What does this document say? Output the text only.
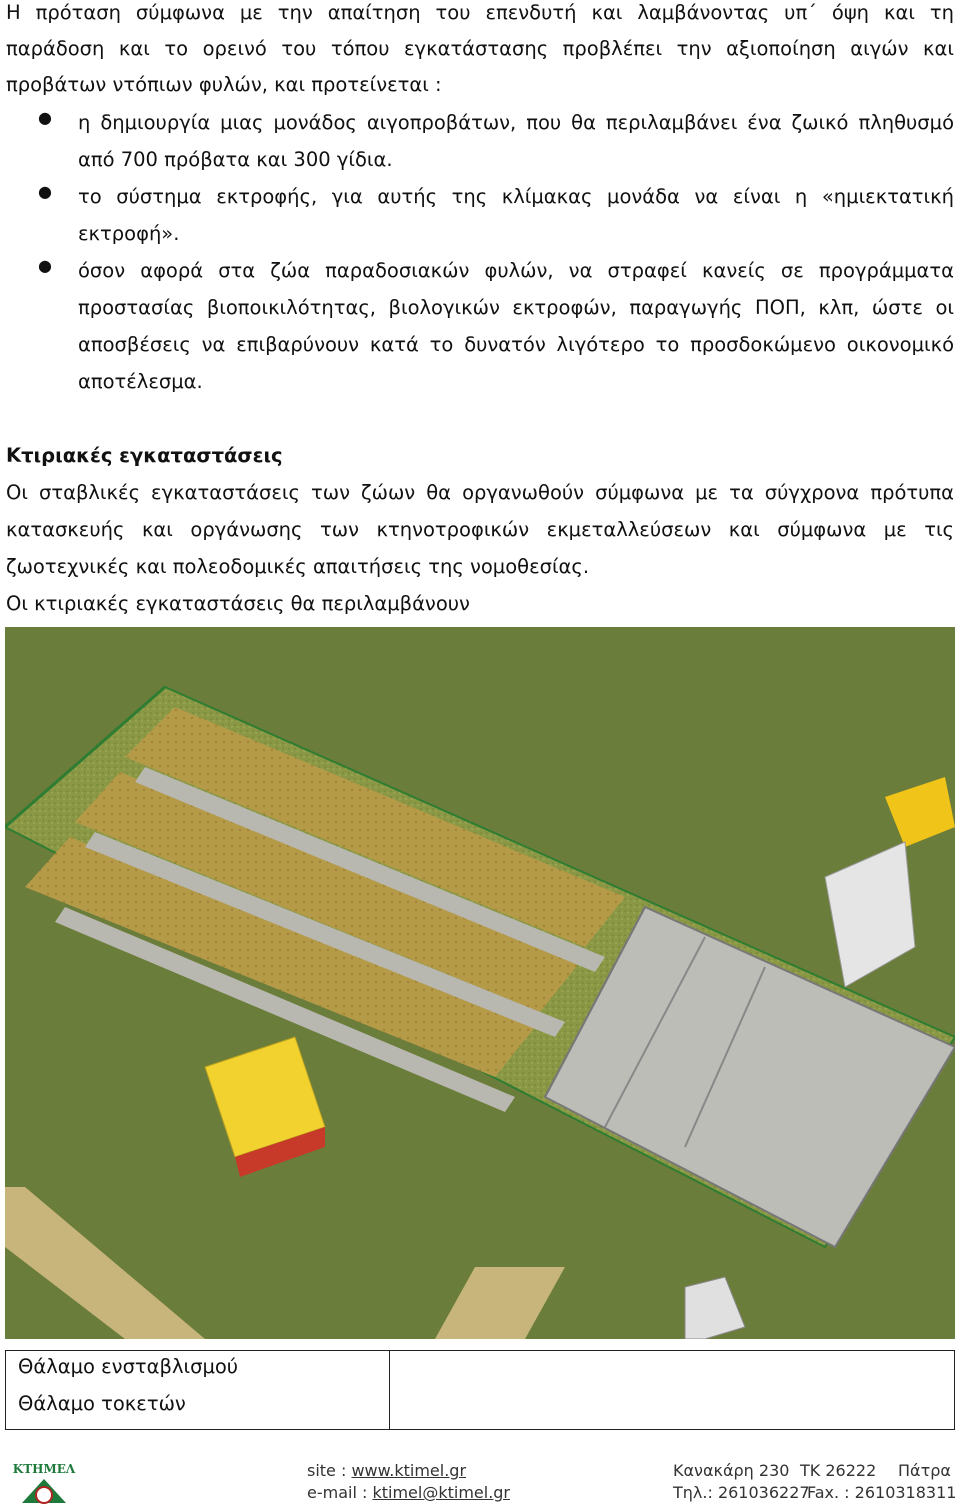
Η πρόταση σύμφωνα με την απαίτηση του επενδυτή και λαμβάνοντας υπ΄ όψη και τη
παράδοση και το ορεινό του τόπου εγκατάστασης προβλέπει την αξιοποίηση αιγών και
προβάτων ντόπιων φυλών, και προτείνεται :
● η δημιουργία μιας μονάδος αιγοπροβάτων, που θα περιλαμβάνει ένα ζωικό πληθυσμό
από 700 πρόβατα και 300 γίδια.
● το σύστημα εκτροφής, για αυτής της κλίμακας μονάδα να είναι η «ημιεκτατική
εκτροφή».
● όσον αφορά στα ζώα παραδοσιακών φυλών, να στραφεί κανείς σε προγράμματα
προστασίας βιοποικιλότητας, βιολογικών εκτροφών, παραγωγής ΠΟΠ, κλπ, ώστε οι
αποσβέσεις να επιβαρύνουν κατά το δυνατόν λιγότερο το προσδοκώμενο οικονομικό
αποτέλεσμα.
Κτιριακές εγκαταστάσεις
Οι σταβλικές εγκαταστάσεις των ζώων θα οργανωθούν σύμφωνα με τα σύγχρονα πρότυπα
κατασκευής και οργάνωσης των κτηνοτροφικών εκμεταλλεύσεων και σύμφωνα με τις
ζωοτεχνικές και πολεοδομικές απαιτήσεις της νομοθεσίας.
Οι κτιριακές εγκαταστάσεις θα περιλαμβάνουν
Θάλαμο ενσταβλισμού
Θάλαμο τοκετών
ΚΤΗΜΕΛ	site : www.ktimel.gr
e-mail : ktimel@ktimel.gr
Κανακάρη 230 ΤΚ 26222 Πάτρα
Τηλ.: 261036227
Fax. : 2610318311
